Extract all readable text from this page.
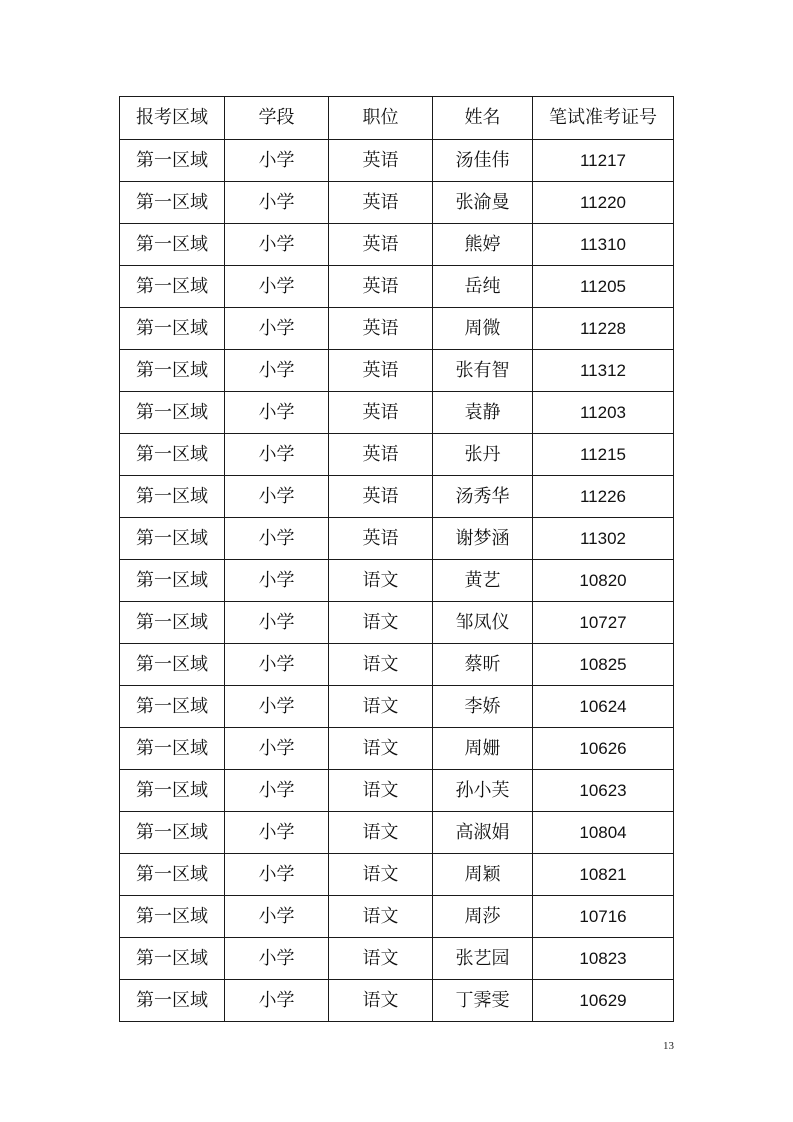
报考区域	学段	职位	姓名	笔试准考证号
第一区域	小学	英语	汤佳伟	11217
第一区域	小学	英语	张渝曼	11220
第一区域	小学	英语	熊婷	11310
第一区域	小学	英语	岳纯	11205
第一区域	小学	英语	周微	11228
第一区域	小学	英语	张有智	11312
第一区域	小学	英语	袁静	11203
第一区域	小学	英语	张丹	11215
第一区域	小学	英语	汤秀华	11226
第一区域	小学	英语	谢梦涵	11302
第一区域	小学	语文	黄艺	10820
第一区域	小学	语文	邹凤仪	10727
第一区域	小学	语文	蔡昕	10825
第一区域	小学	语文	李娇	10624
第一区域	小学	语文	周姗	10626
第一区域	小学	语文	孙小芙	10623
第一区域	小学	语文	高淑娟	10804
第一区域	小学	语文	周颖	10821
第一区域	小学	语文	周莎	10716
第一区域	小学	语文	张艺园	10823
第一区域	小学	语文	丁霁雯	10629
13
